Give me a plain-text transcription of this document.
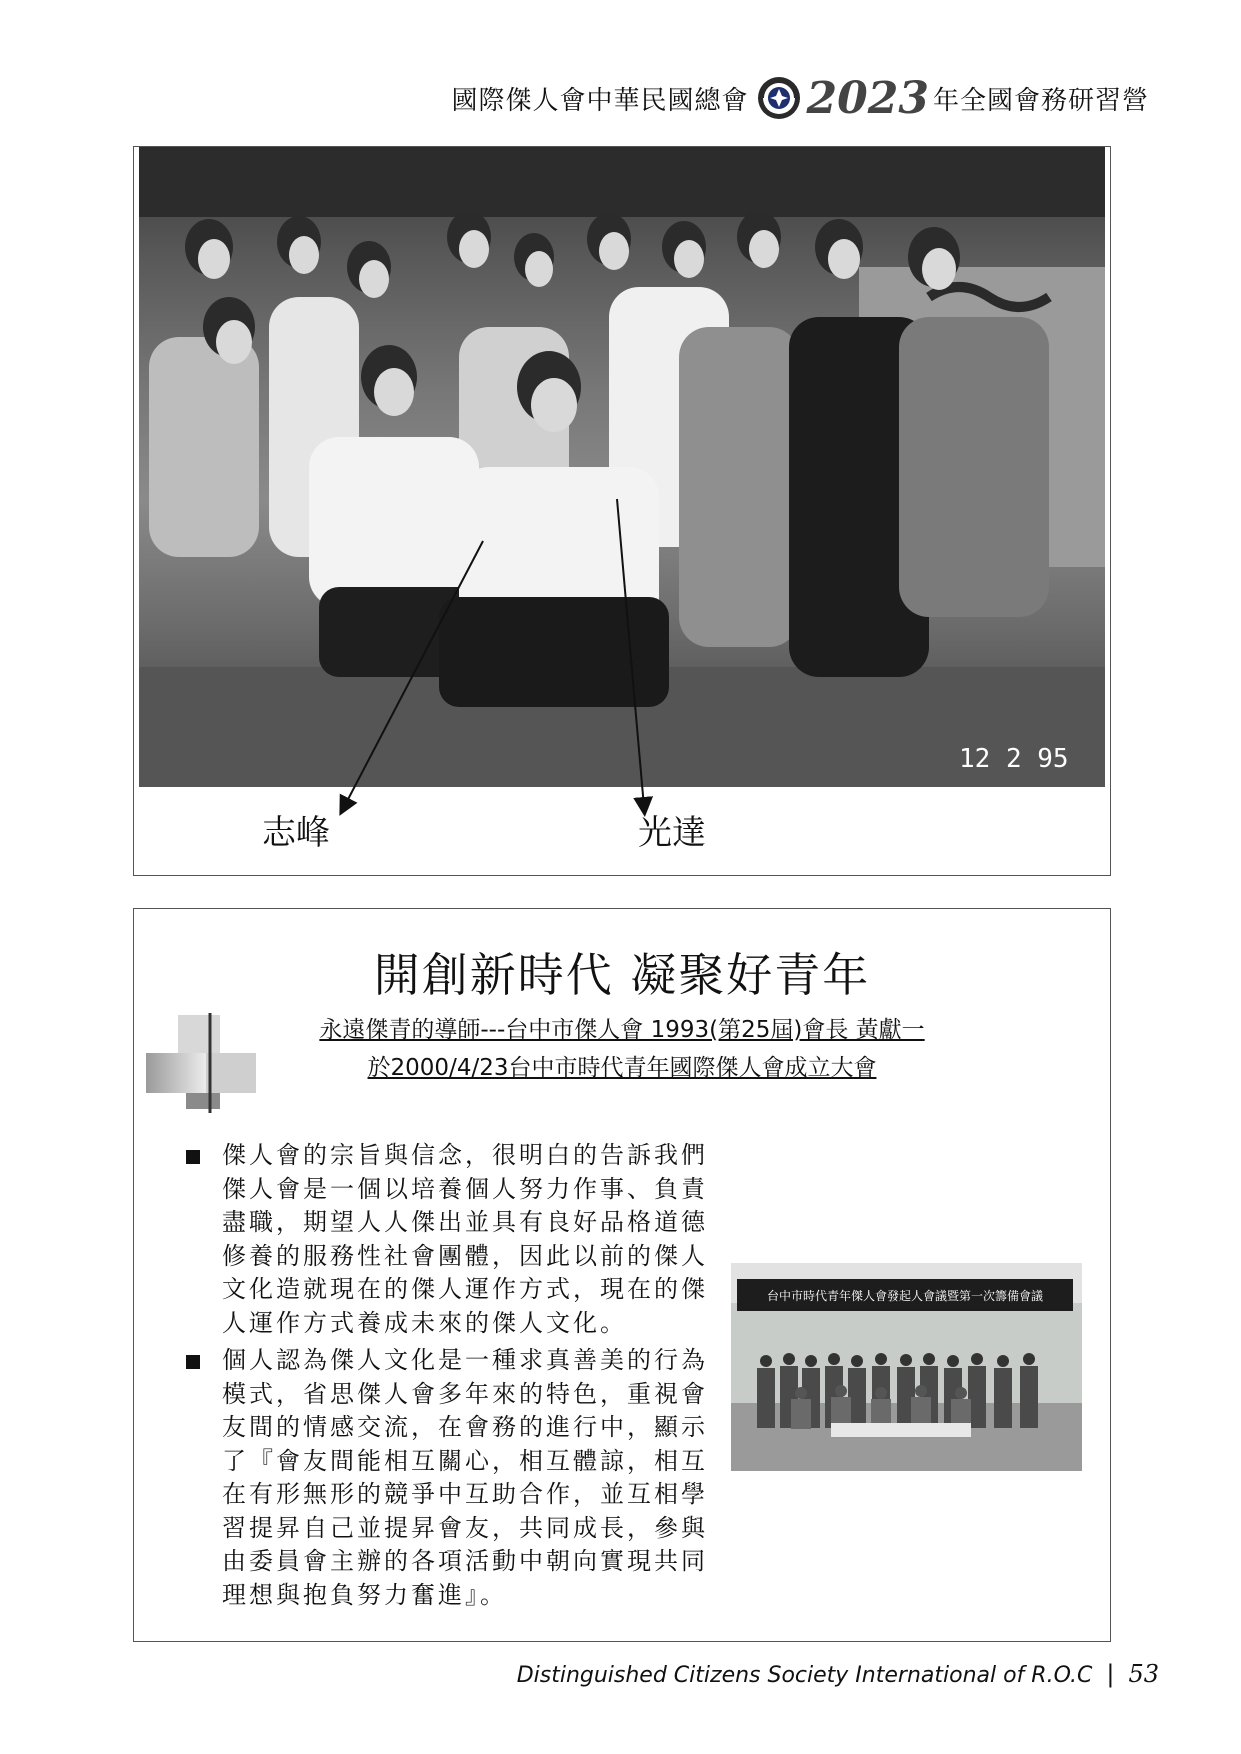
國際傑人會中華民國總會 2023 年全國會務研習營
12 2 95
志峰	光達
開創新時代 凝聚好青年
永遠傑青的導師---台中市傑人會 1993(第25屆)會長 黃獻一
於2000/4/23台中市時代青年國際傑人會成立大會
傑人會的宗旨與信念，很明白的告訴我們傑人會是一個以培養個人努力作事、負責盡職，期望人人傑出並具有良好品格道德修養的服務性社會團體，因此以前的傑人文化造就現在的傑人運作方式，現在的傑人運作方式養成未來的傑人文化。
個人認為傑人文化是一種求真善美的行為模式，省思傑人會多年來的特色，重視會友間的情感交流，在會務的進行中，顯示了『會友間能相互關心，相互體諒，相互在有形無形的競爭中互助合作，並互相學習提昇自己並提昇會友，共同成長，參與由委員會主辦的各項活動中朝向實現共同理想與抱負努力奮進』。
台中市時代青年傑人會發起人會議暨第一次籌備會議
Distinguished Citizens Society International of R.O.C | 53
